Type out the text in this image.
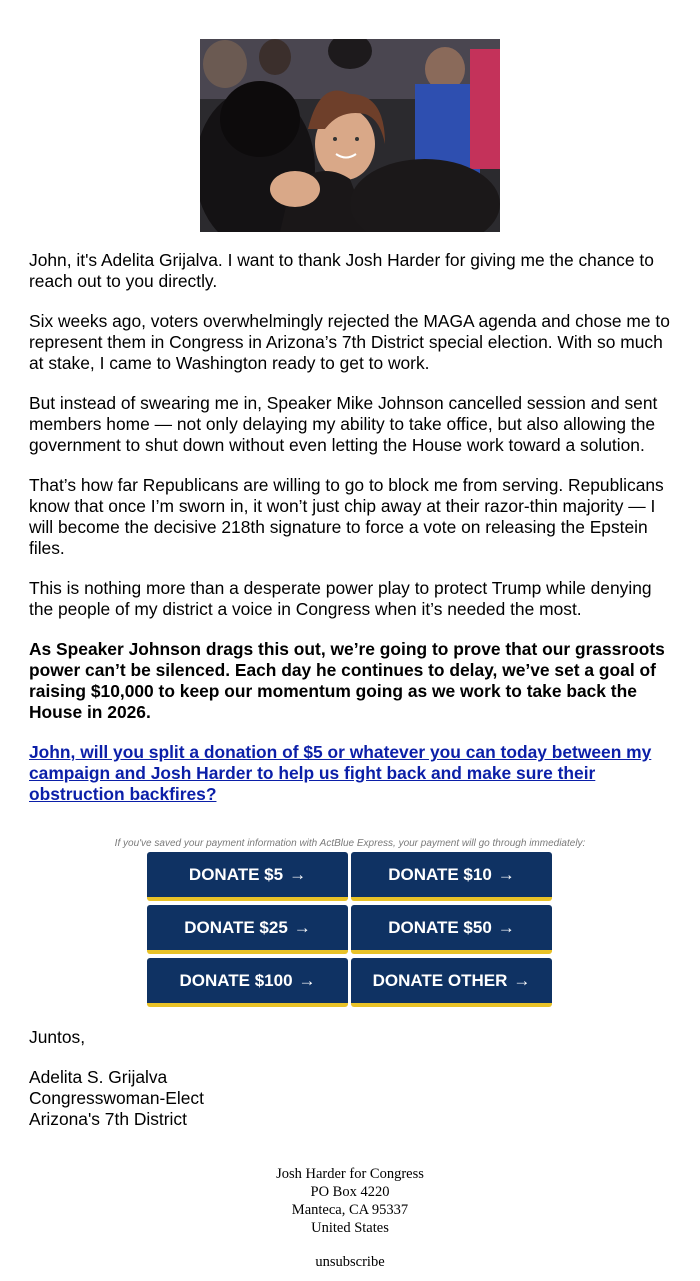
John, it's Adelita Grijalva. I want to thank Josh Harder for giving me the chance to reach out to you directly.

Six weeks ago, voters overwhelmingly rejected the MAGA agenda and chose me to represent them in Congress in Arizona’s 7th District special election. With so much at stake, I came to Washington ready to get to work.

But instead of swearing me in, Speaker Mike Johnson cancelled session and sent members home — not only delaying my ability to take office, but also allowing the government to shut down without even letting the House work toward a solution.

That’s how far Republicans are willing to go to block me from serving. Republicans know that once I’m sworn in, it won’t just chip away at their razor-thin majority — I will become the decisive 218th signature to force a vote on releasing the Epstein files.

This is nothing more than a desperate power play to protect Trump while denying the people of my district a voice in Congress when it’s needed the most.

As Speaker Johnson drags this out, we’re going to prove that our grassroots power can’t be silenced. Each day he continues to delay, we’ve set a goal of raising $10,000 to keep our momentum going as we work to take back the House in 2026.

John, will you split a donation of $5 or whatever you can today between my campaign and Josh Harder to help us fight back and make sure their obstruction backfires?

If you've saved your payment information with ActBlue Express, your payment will go through immediately:
DONATE $5 →	DONATE $10 →
DONATE $25 →	DONATE $50 →
DONATE $100 →	DONATE OTHER →
Juntos,
Adelita S. Grijalva
Congresswoman-Elect
Arizona's 7th District
Josh Harder for Congress
PO Box 4220
Manteca, CA 95337
United States
unsubscribe
